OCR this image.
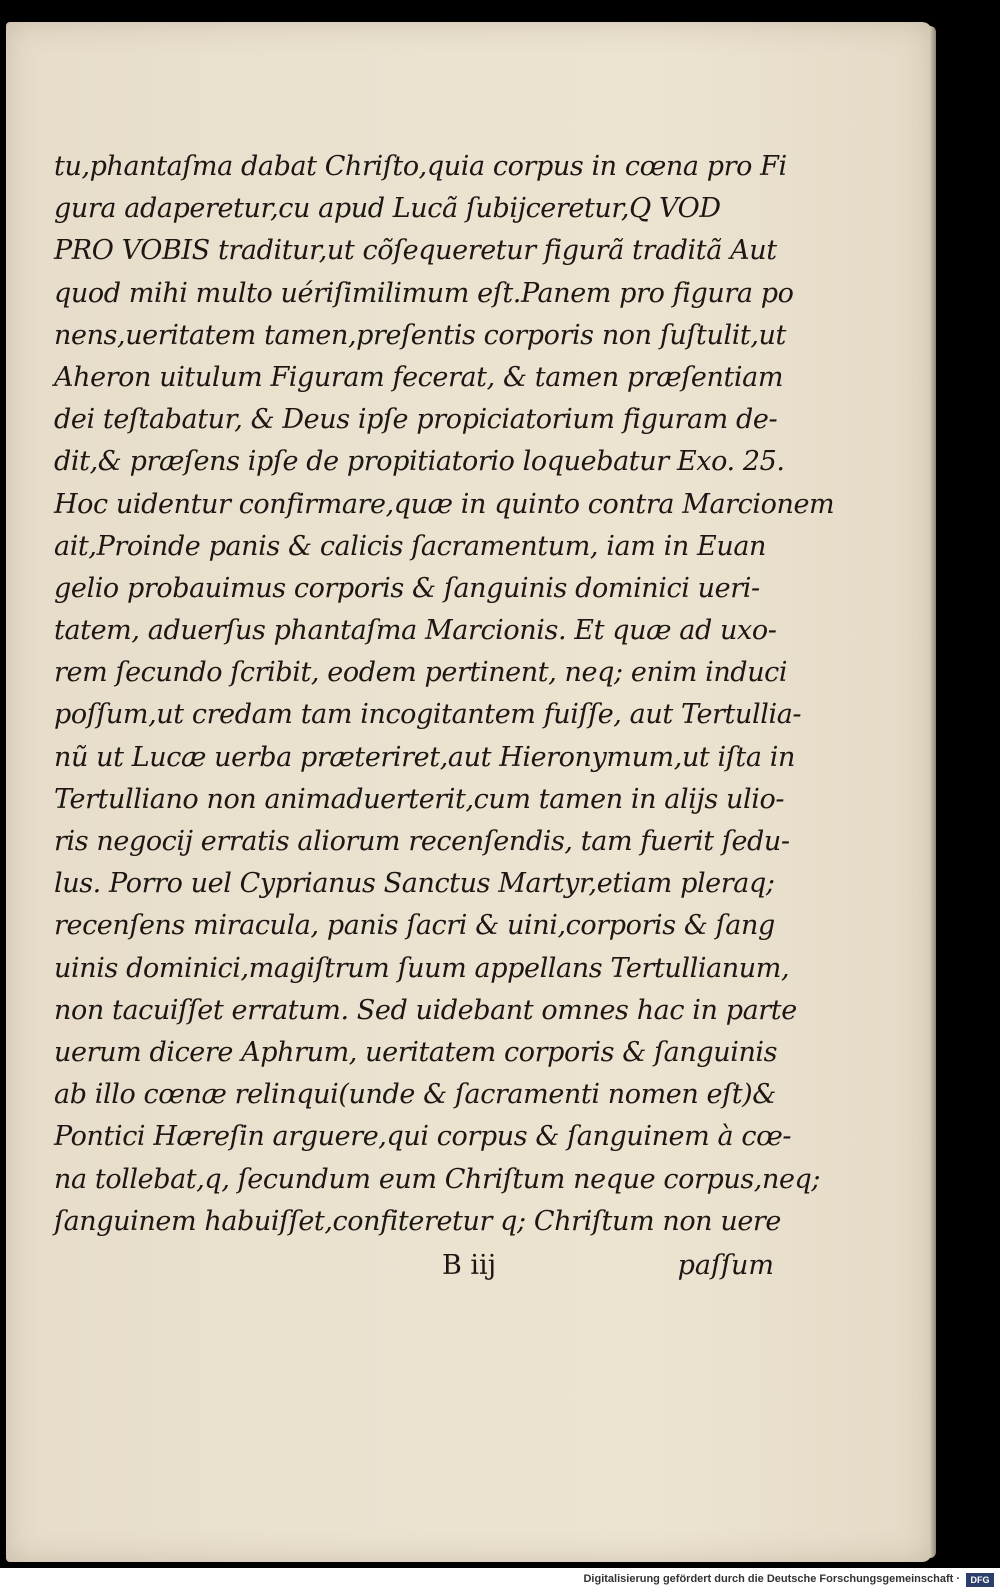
tu,phantaſma dabat Chriſto,quia corpus in cœna pro Fi
gura adaperetur,cu apud Lucã ſubijceretur,Q VOD
PRO VOBIS traditur,ut cõſequeretur figurã traditã Aut
quod mihi multo uériſimilimum eſt.Panem pro figura po
nens,ueritatem tamen,preſentis corporis non ſuſtulit,ut
Aheron uitulum Figuram fecerat, & tamen præſentiam
dei teſtabatur, & Deus ipſe propiciatorium figuram de-
dit,& præſens ipſe de propitiatorio loquebatur Exo. 25.
Hoc uidentur confirmare,quæ in quinto contra Marcionem
ait,Proinde panis & calicis ſacramentum, iam in Euan
gelio probauimus corporis & ſanguinis dominici ueri-
tatem, aduerſus phantaſma Marcionis. Et quæ ad uxo-
rem ſecundo ſcribit, eodem pertinent, neq; enim induci
poſſum,ut credam tam incogitantem fuiſſe, aut Tertullia-
nũ ut Lucæ uerba præteriret,aut Hieronymum,ut iſta in
Tertulliano non animaduerterit,cum tamen in alijs ulio-
ris negocij erratis aliorum recenſendis, tam fuerit ſedu-
lus. Porro uel Cyprianus Sanctus Martyr,etiam pleraq;
recenſens miracula, panis ſacri & uini,corporis & ſang
uinis dominici,magiſtrum ſuum appellans Tertullianum,
non tacuiſſet erratum. Sed uidebant omnes hac in parte
uerum dicere Aphrum, ueritatem corporis & ſanguinis
ab illo cœnæ relinqui(unde & ſacramenti nomen eſt)&
Pontici Hæreſin arguere,qui corpus & ſanguinem à cœ-
na tollebat,q, ſecundum eum Chriſtum neque corpus,neq;
ſanguinem habuiſſet,confiteretur q; Chriſtum non uere
B iij	paſſum
Digitalisierung gefördert durch die Deutsche Forschungsgemeinschaft ·	DFG
